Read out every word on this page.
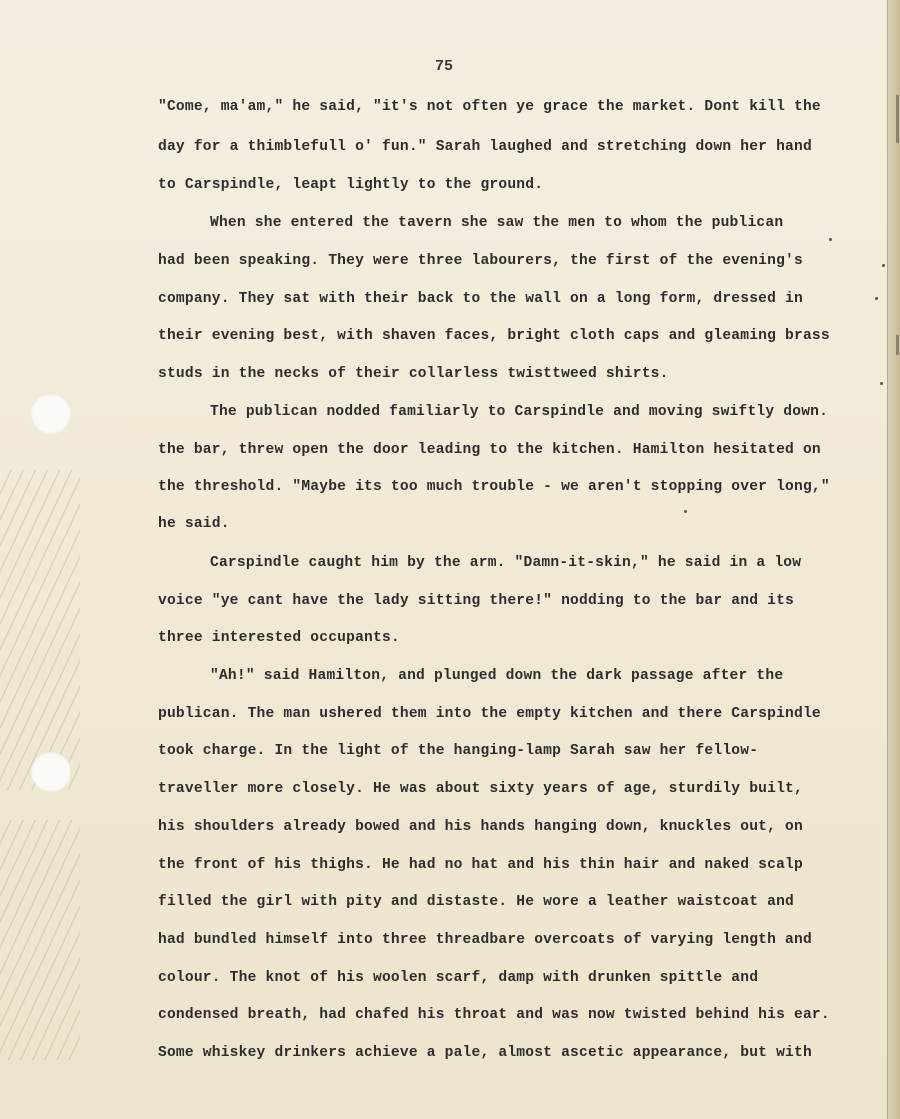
75
"Come, ma'am," he said, "it's not often ye grace the market. Dont kill the
day for a thimblefull o' fun." Sarah laughed and stretching down her hand
to Carspindle, leapt lightly to the ground.
When she entered the tavern she saw the men to whom the publican
had been speaking. They were three labourers, the first of the evening's
company. They sat with their back to the wall on a long form, dressed in
their evening best, with shaven faces, bright cloth caps and gleaming brass
studs in the necks of their collarless twisttweed shirts.
The publican nodded familiarly to Carspindle and moving swiftly down.
the bar, threw open the door leading to the kitchen. Hamilton hesitated on
the threshold. "Maybe its too much trouble - we aren't stopping over long,"
he said.
Carspindle caught him by the arm. "Damn-it-skin," he said in a low
voice "ye cant have the lady sitting there!" nodding to the bar and its
three interested occupants.
"Ah!" said Hamilton, and plunged down the dark passage after the
publican. The man ushered them into the empty kitchen and there Carspindle
took charge. In the light of the hanging-lamp Sarah saw her fellow-
traveller more closely. He was about sixty years of age, sturdily built,
his shoulders already bowed and his hands hanging down, knuckles out, on
the front of his thighs. He had no hat and his thin hair and naked scalp
filled the girl with pity and distaste. He wore a leather waistcoat and
had bundled himself into three threadbare overcoats of varying length and
colour. The knot of his woolen scarf, damp with drunken spittle and
condensed breath, had chafed his throat and was now twisted behind his ear.
Some whiskey drinkers achieve a pale, almost ascetic appearance, but with
